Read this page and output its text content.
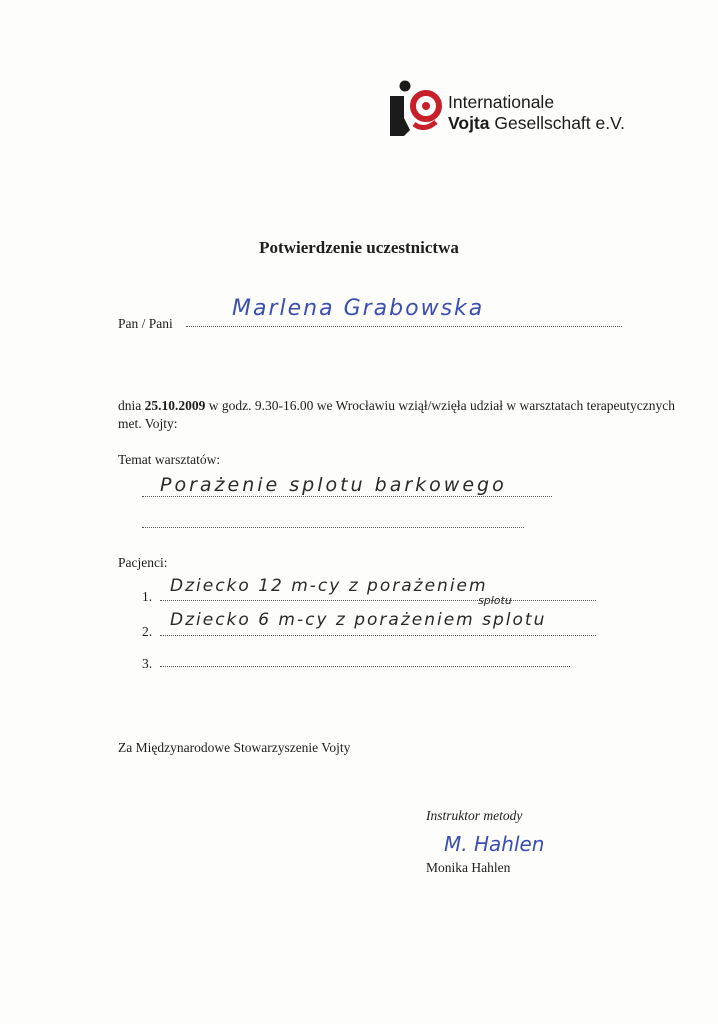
Internationale
Vojta Gesellschaft e.V.
Potwierdzenie uczestnictwa
Pan / Pani
Marlena Grabowska
dnia 25.10.2009 w godz. 9.30-16.00 we Wrocławiu wziął/wzięła udział w warsztatach terapeutycznych met. Vojty:
Temat warsztatów:
Porażenie splotu barkowego
Pacjenci:
1.
Dziecko 12 m-cy z porażeniem
splotu
2.
Dziecko 6 m-cy z porażeniem splotu
3.
Za Międzynarodowe Stowarzyszenie Vojty
Instruktor metody
M. Hahlen
Monika Hahlen
